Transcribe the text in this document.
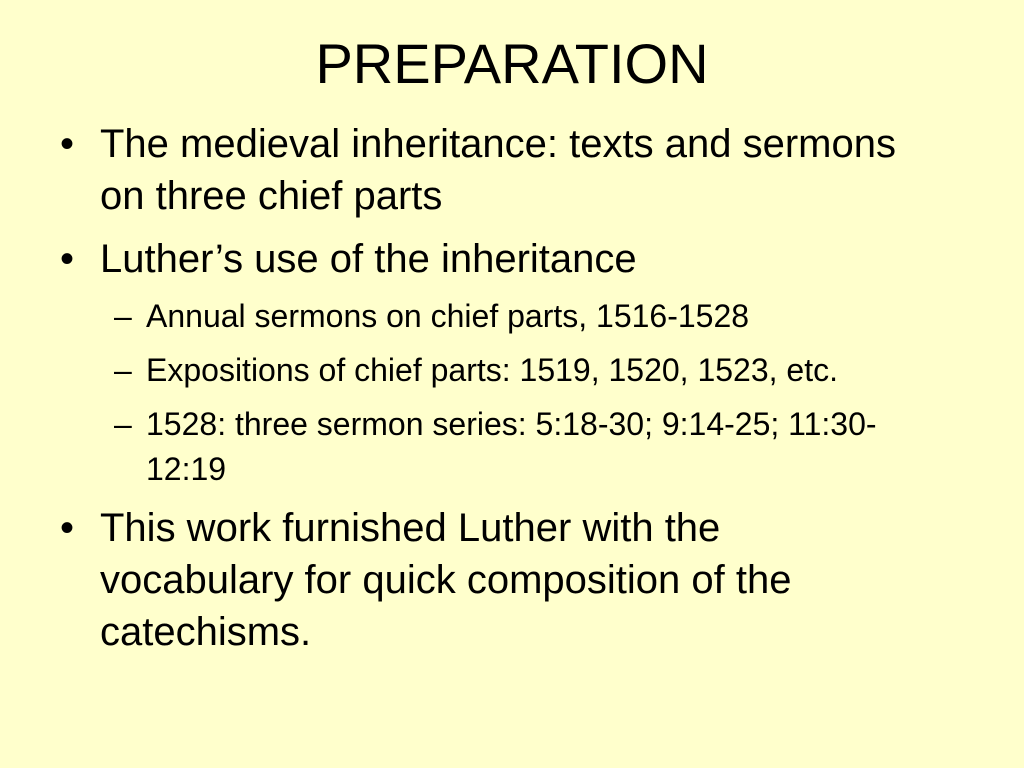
PREPARATION
• The medieval inheritance: texts and sermons on three chief parts
• Luther’s use of the inheritance
– Annual sermons on chief parts, 1516-1528
– Expositions of chief parts: 1519, 1520, 1523, etc.
– 1528: three sermon series: 5:18-30; 9:14-25; 11:30-12:19
• This work furnished Luther with the vocabulary for quick composition of the catechisms.
